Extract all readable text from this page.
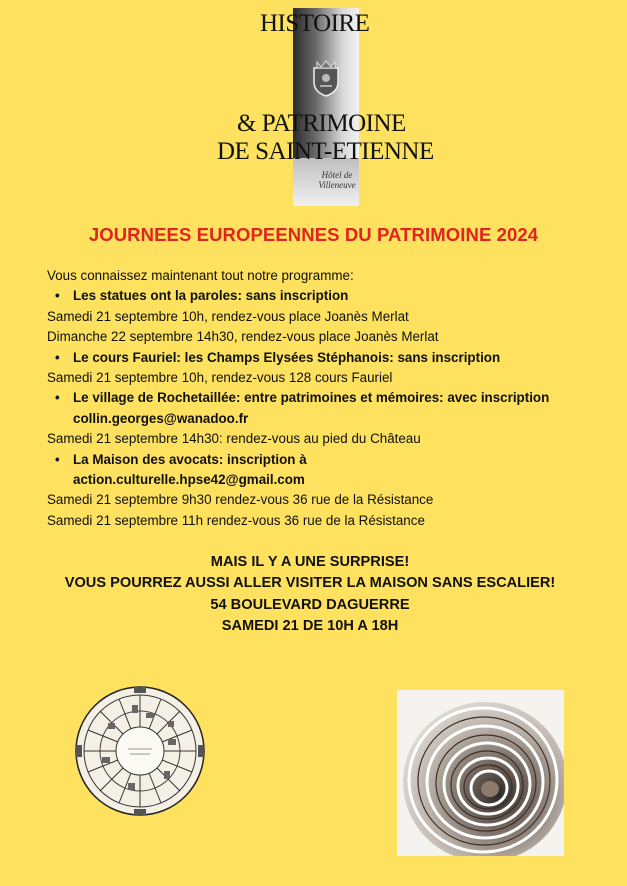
HISTOIRE
& PATRIMOINE
DE SAINT-ETIENNE
Hôtel de Villeneuve
JOURNEES EUROPEENNES DU PATRIMOINE 2024

Vous connaissez maintenant tout notre programme:

• Les statues ont la paroles: sans inscription

Samedi 21 septembre 10h, rendez-vous place Joanès Merlat

Dimanche 22 septembre 14h30, rendez-vous place Joanès Merlat

• Le cours Fauriel: les Champs Elysées Stéphanois: sans inscription

Samedi 21 septembre 10h, rendez-vous 128 cours Fauriel

• Le village de Rochetaillée: entre patrimoines et mémoires: avec inscription collin.georges@wanadoo.fr

Samedi 21 septembre 14h30: rendez-vous au pied du Château

• La Maison des avocats: inscription à action.culturelle.hpse42@gmail.com

Samedi 21 septembre 9h30 rendez-vous 36 rue de la Résistance

Samedi 21 septembre 11h rendez-vous 36 rue de la Résistance

MAIS IL Y A UNE SURPRISE!
VOUS POURREZ AUSSI ALLER VISITER LA MAISON SANS ESCALIER!
54 BOULEVARD DAGUERRE
SAMEDI 21 DE 10H A 18H
